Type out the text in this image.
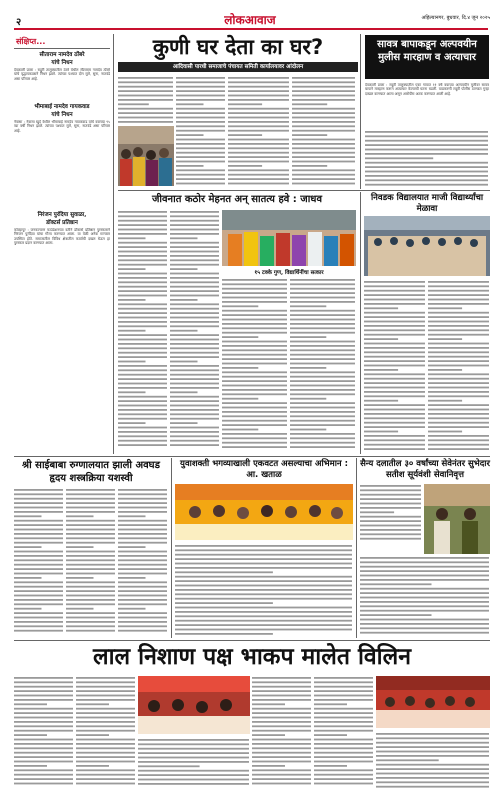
२	लोकआवाज	अहिल्यानगर, बुधवार, दि.४ जून २०२५
संक्षिप्त...
सीताराम नामदेव ठोंबरे
यांचे निधन
देवळाली प्रवरा : राहुरी तालुक्यातील उंबरे येथील सीताराम नामदेव ठोंबरे यांचे वृद्धापकाळाने निधन झाले. त्यांच्या पश्चात दोन मुले, सुना, नातवंडे असा परिवार आहे.
भीमाबाई नामदेव गायकवाड
यांचे निधन
नेवासा : नेवासा खुर्द येथील भीमाबाई नामदेव गायकवाड यांचे वयाच्या ९५ व्या वर्षी निधन झाले. त्यांच्या पश्चात मुले, सुना, नातवंडे असा परिवार आहे.
निरंजन पुरंदिया सुवाळा,
डॉक्टर्स प्रतिष्ठान
कोल्हापूर : जनकल्याण फाउंडेशनच्या वतीने डॉक्टर्स प्रतिष्ठान पुरस्काराने निरंजन पुरंदिया यांचा गौरव करण्यात आला. या वेळी अनेक मान्यवर उपस्थित होते. समाजातील विविध क्षेत्रातील कार्याची दखल घेऊन हा पुरस्कार प्रदान करण्यात आला.
कुणी घर देता का घर?
आदिवासी पारधी समाजाचे पंचायत समिती कार्यालयावर आंदोलन
सावत्र बापाकडून अल्पवयीन मुलीस मारहाण व अत्याचार
देवळाली प्रवरा : राहुरी तालुक्यातील एका गावात ११ वर्षे वयाच्या अल्पवयीन मुलीवर सावत्र बापाने मारहाण करून अत्याचार केल्याची घटना घडली. याप्रकरणी राहुरी पोलीस ठाण्यात गुन्हा दाखल करण्यात आला असून आरोपीस अटक करण्यात आली आहे.
जीवनात कठोर मेहनत अन् सातत्य हवे : जाधव
१५ टक्के गुण, विद्यार्थिनींचा सत्कार
निवडक विद्यालयात माजी विद्यार्थ्यांचा मेळावा
श्री साईबाबा रुग्णालयात झाली अवघड हृदय शस्त्रक्रिया यशस्वी
युवाशक्ती भगव्याखाली एकवटत असल्याचा अभिमान : आ. खताळ
सैन्य दलातील ३० वर्षांच्या सेवेनंतर सुभेदार सतीश सूर्यवंशी सेवानिवृत्त
लाल निशाण पक्ष भाकप मालेत विलिन
